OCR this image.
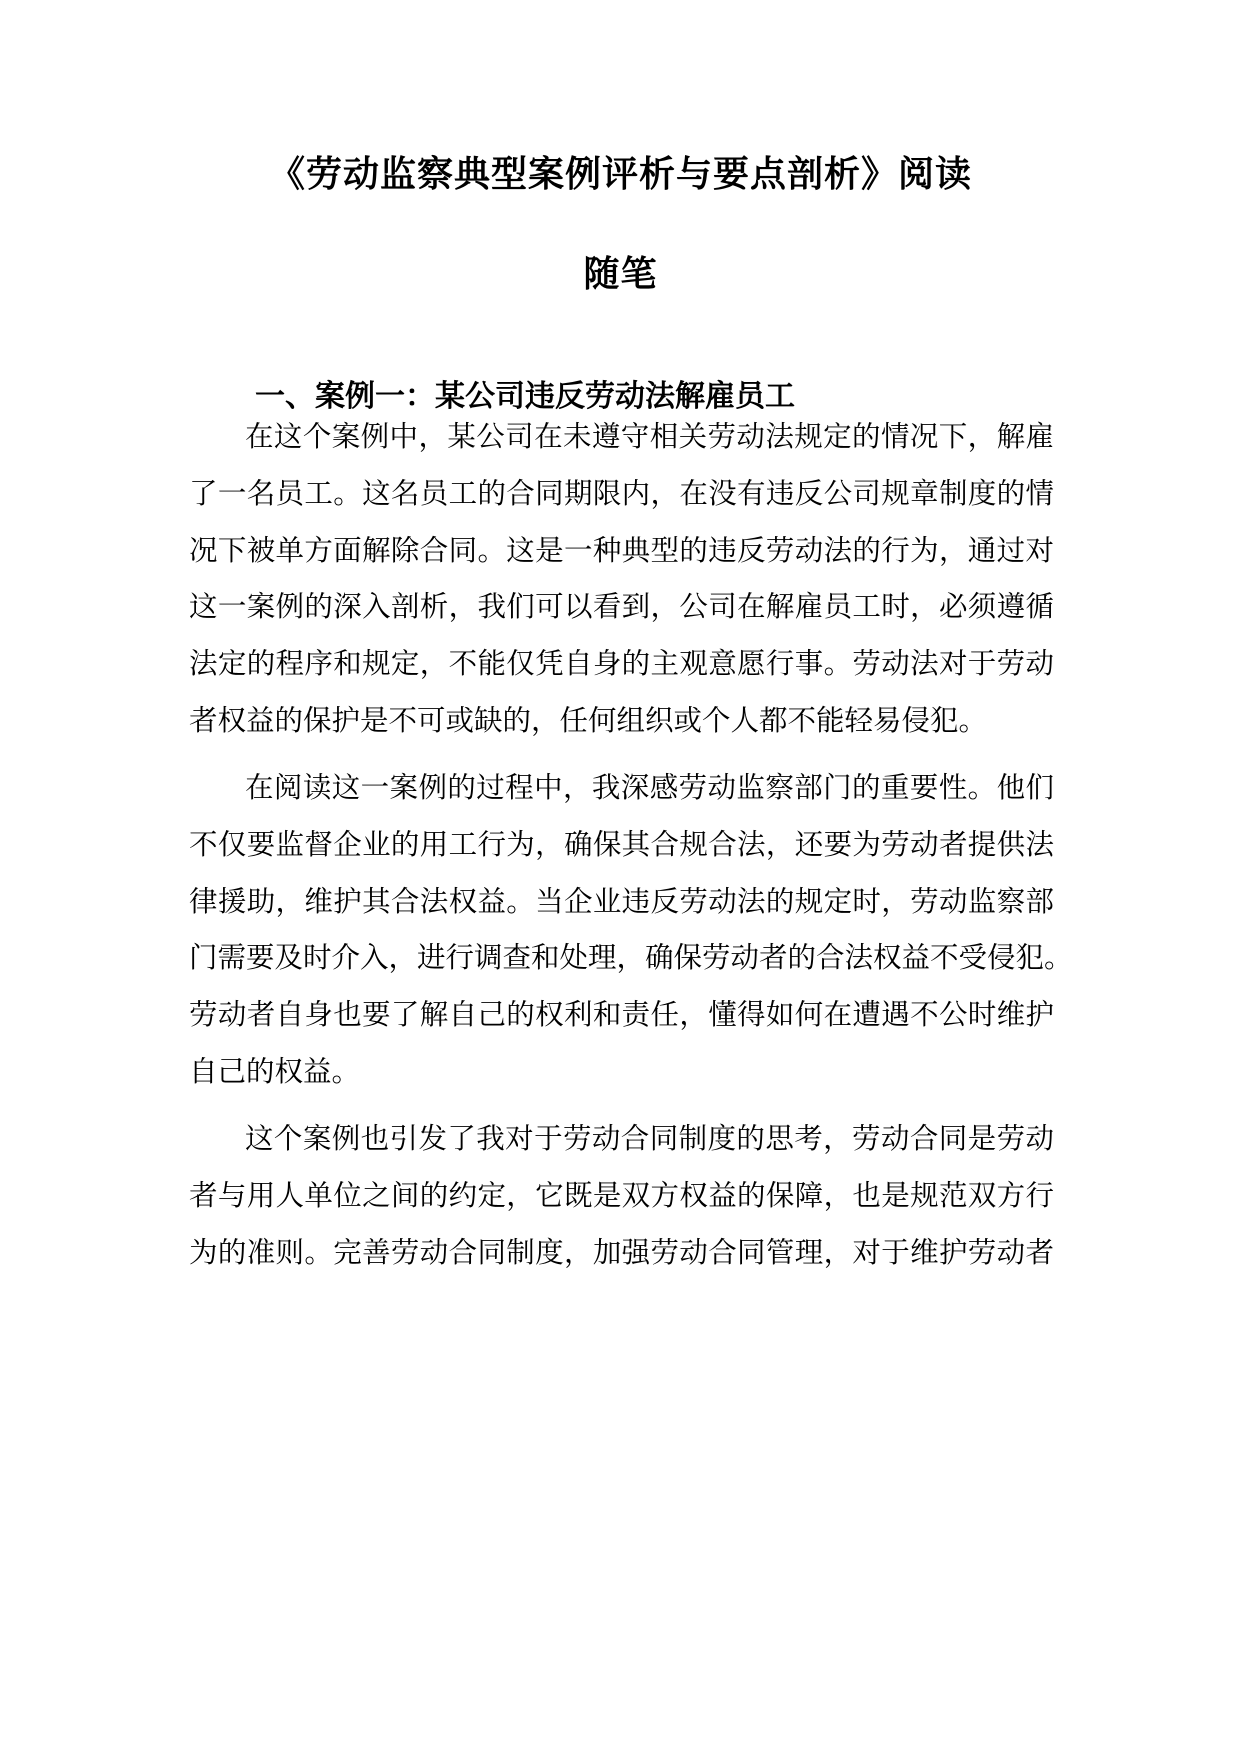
《劳动监察典型案例评析与要点剖析》阅读
随笔
一、案例一：某公司违反劳动法解雇员工
在这个案例中，某公司在未遵守相关劳动法规定的情况下，解雇
了一名员工。这名员工的合同期限内，在没有违反公司规章制度的情
况下被单方面解除合同。这是一种典型的违反劳动法的行为，通过对
这一案例的深入剖析，我们可以看到，公司在解雇员工时，必须遵循
法定的程序和规定，不能仅凭自身的主观意愿行事。劳动法对于劳动
者权益的保护是不可或缺的，任何组织或个人都不能轻易侵犯。
在阅读这一案例的过程中，我深感劳动监察部门的重要性。他们
不仅要监督企业的用工行为，确保其合规合法，还要为劳动者提供法
律援助，维护其合法权益。当企业违反劳动法的规定时，劳动监察部
门需要及时介入，进行调查和处理，确保劳动者的合法权益不受侵犯。
劳动者自身也要了解自己的权利和责任，懂得如何在遭遇不公时维护
自己的权益。
这个案例也引发了我对于劳动合同制度的思考，劳动合同是劳动
者与用人单位之间的约定，它既是双方权益的保障，也是规范双方行
为的准则。完善劳动合同制度，加强劳动合同管理，对于维护劳动者
